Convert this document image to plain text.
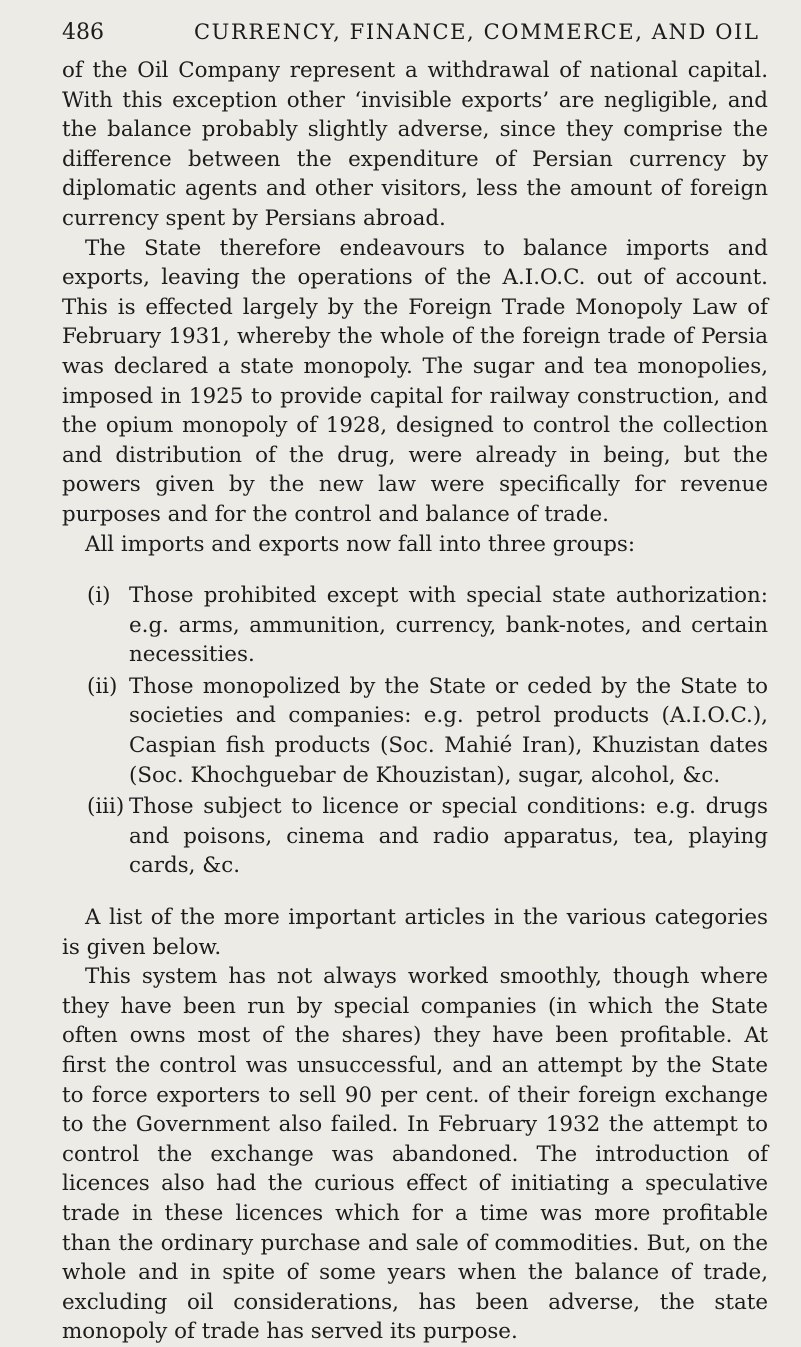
486	CURRENCY, FINANCE, COMMERCE, AND OIL

of the Oil Company represent a withdrawal of national capital. With this exception other ‘invisible exports’ are negligible, and the balance probably slightly adverse, since they comprise the difference between the expenditure of Persian currency by diplomatic agents and other visitors, less the amount of foreign currency spent by Persians abroad.

The State therefore endeavours to balance imports and exports, leaving the operations of the A.I.O.C. out of account. This is effected largely by the Foreign Trade Monopoly Law of February 1931, whereby the whole of the foreign trade of Persia was declared a state monopoly. The sugar and tea monopolies, imposed in 1925 to provide capital for railway construction, and the opium monopoly of 1928, designed to control the collection and distribution of the drug, were already in being, but the powers given by the new law were specifically for revenue purposes and for the control and balance of trade.

All imports and exports now fall into three groups:

(i) Those prohibited except with special state authorization: e.g. arms, ammunition, currency, bank-notes, and certain necessities.
(ii) Those monopolized by the State or ceded by the State to societies and companies: e.g. petrol products (A.I.O.C.), Caspian fish products (Soc. Mahié Iran), Khuzistan dates (Soc. Khochguebar de Khouzistan), sugar, alcohol, &c.
(iii) Those subject to licence or special conditions: e.g. drugs and poisons, cinema and radio apparatus, tea, playing cards, &c.

A list of the more important articles in the various categories is given below.

This system has not always worked smoothly, though where they have been run by special companies (in which the State often owns most of the shares) they have been profitable. At first the control was unsuccessful, and an attempt by the State to force exporters to sell 90 per cent. of their foreign exchange to the Government also failed. In February 1932 the attempt to control the exchange was abandoned. The introduction of licences also had the curious effect of initiating a speculative trade in these licences which for a time was more profitable than the ordinary purchase and sale of commodities. But, on the whole and in spite of some years when the balance of trade, excluding oil considerations, has been adverse, the state monopoly of trade has served its purpose.
